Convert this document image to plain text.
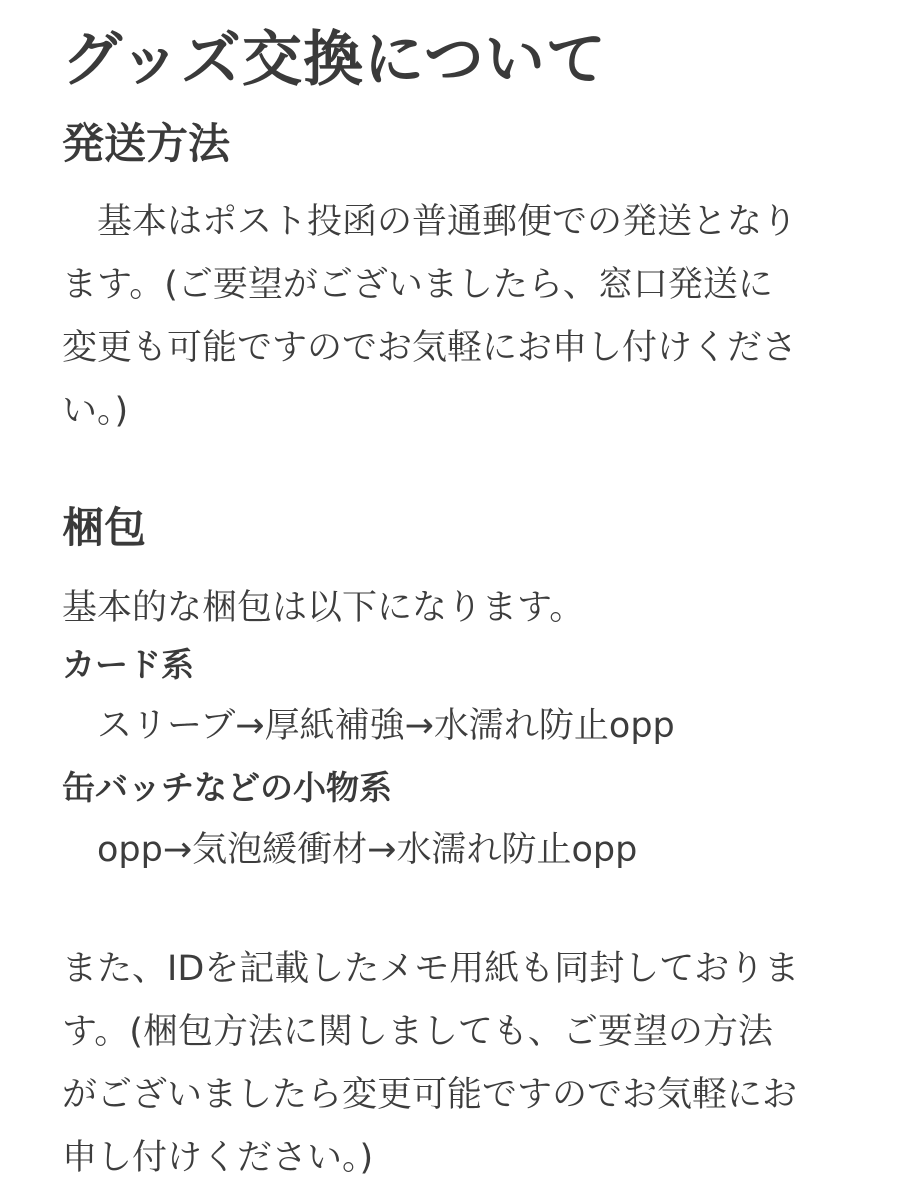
グッズ交換について
発送方法
　基本はポスト投函の普通郵便での発送となり
ます。(ご要望がございましたら、窓口発送に
変更も可能ですのでお気軽にお申し付けくださ
い。)
梱包
基本的な梱包は以下になります。
カード系
　スリーブ→厚紙補強→水濡れ防止opp
缶バッチなどの小物系
　opp→気泡緩衝材→水濡れ防止opp
また、IDを記載したメモ用紙も同封しておりま
す。(梱包方法に関しましても、ご要望の方法
がございましたら変更可能ですのでお気軽にお
申し付けください。)
